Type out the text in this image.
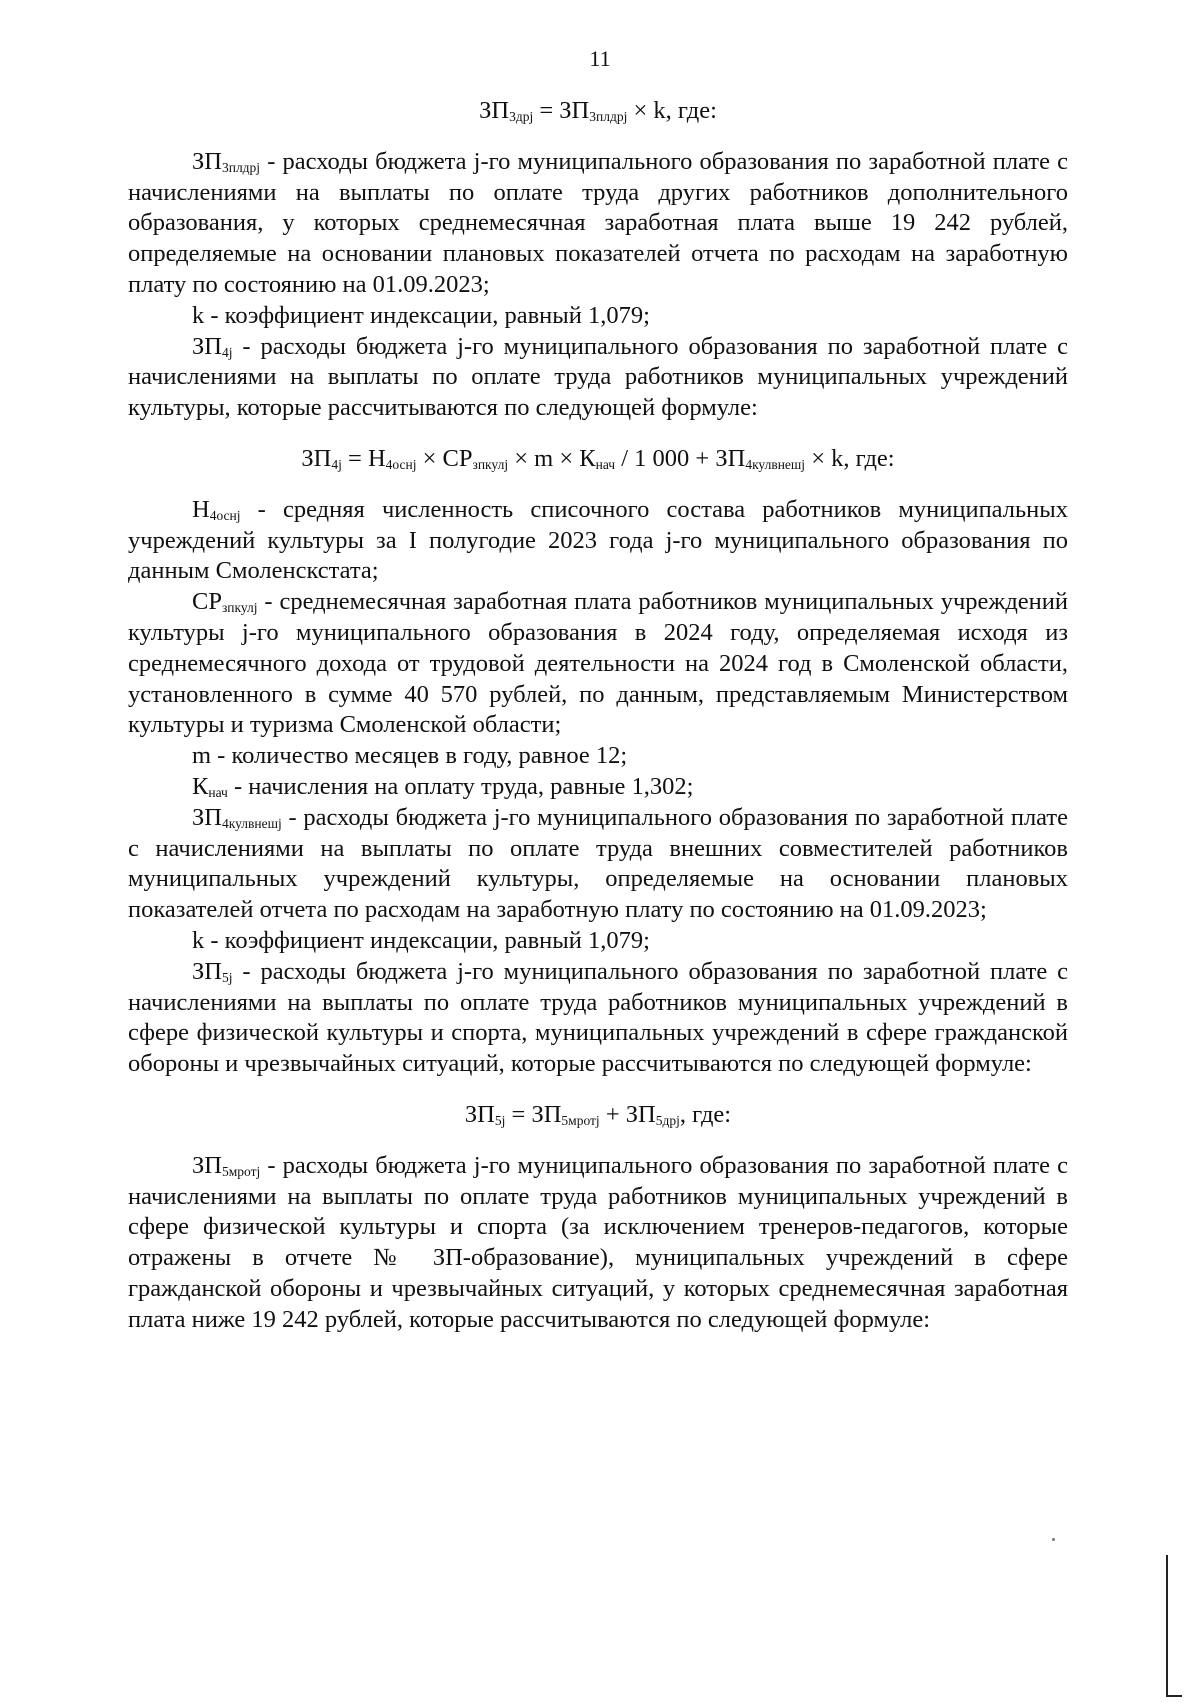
11
$ЗП_{3дрj} = ЗП_{3плдрj} \times k$, где:

$ЗП_{3плдрj}$ - расходы бюджета j-го муниципального образования по заработной плате с начислениями на выплаты по оплате труда других работников дополнительного образования, у которых среднемесячная заработная плата выше 19 242 рублей, определяемые на основании плановых показателей отчета по расходам на заработную плату по состоянию на 01.09.2023;

k - коэффициент индексации, равный 1,079;

$ЗП_{4j}$ - расходы бюджета j-го муниципального образования по заработной плате с начислениями на выплаты по оплате труда работников муниципальных учреждений культуры, которые рассчитываются по следующей формуле:

$ЗП_{4j} = Н_{4оснj} \times СР_{зпкулj} \times m \times К_{нач} / 1$ $000 + ЗП_{4кулвнешj} \times k$, где:

$Н_{4оснj}$ - средняя численность списочного состава работников муниципальных учреждений культуры за I полугодие 2023 года j-го муниципального образования по данным Смоленскстата;

$СР_{зпкулj}$ - среднемесячная заработная плата работников муниципальных учреждений культуры j-го муниципального образования в 2024 году, определяемая исходя из среднемесячного дохода от трудовой деятельности на 2024 год в Смоленской области, установленного в сумме 40 570 рублей, по данным, представляемым Министерством культуры и туризма Смоленской области;

m - количество месяцев в году, равное 12;

$К_{нач}$ - начисления на оплату труда, равные 1,302;

$ЗП_{4кулвнешj}$ - расходы бюджета j-го муниципального образования по заработной плате с начислениями на выплаты по оплате труда внешних совместителей работников муниципальных учреждений культуры, определяемые на основании плановых показателей отчета по расходам на заработную плату по состоянию на 01.09.2023;

k - коэффициент индексации, равный 1,079;

$ЗП_{5j}$ - расходы бюджета j-го муниципального образования по заработной плате с начислениями на выплаты по оплате труда работников муниципальных учреждений в сфере физической культуры и спорта, муниципальных учреждений в сфере гражданской обороны и чрезвычайных ситуаций, которые рассчитываются по следующей формуле:

$ЗП_{5j} = ЗП_{5мротj} + ЗП_{5дрj}$, где:

$ЗП_{5мротj}$ - расходы бюджета j-го муниципального образования по заработной плате с начислениями на выплаты по оплате труда работников муниципальных учреждений в сфере физической культуры и спорта (за исключением тренеров-педагогов, которые отражены в отчете № ЗП-образование), муниципальных учреждений в сфере гражданской обороны и чрезвычайных ситуаций, у которых среднемесячная заработная плата ниже 19 242 рублей, которые рассчитываются по следующей формуле:
